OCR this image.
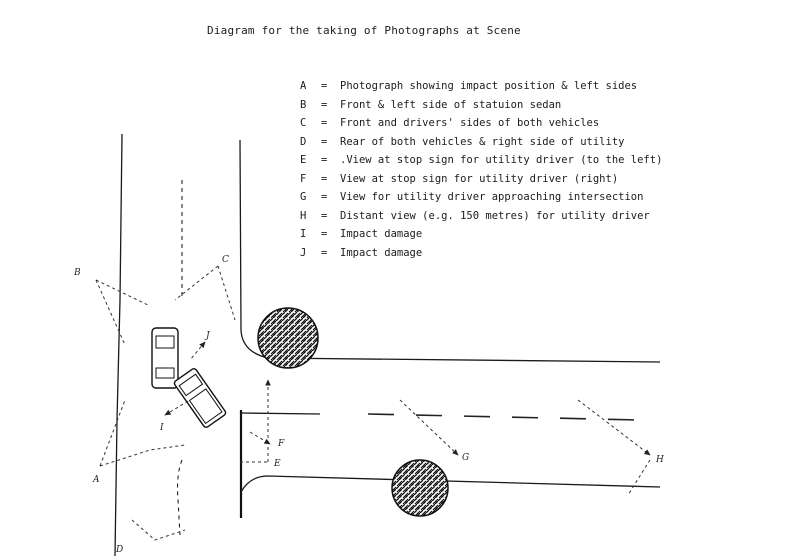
Diagram for the taking of Photographs at Scene
A = Photograph showing impact position & left sides
B = Front & left side of statuion sedan
C = Front and drivers' sides of both vehicles
D = Rear of both vehicles & right side of utility
E = .View at stop sign for utility driver (to the left)
F = View at stop sign for utility driver (right)
G = View for utility driver approaching intersection
H = Distant view (e.g. 150 metres) for utility driver
I = Impact damage
J = Impact damage
A
B
C
D
E
F
G	H
I
J
